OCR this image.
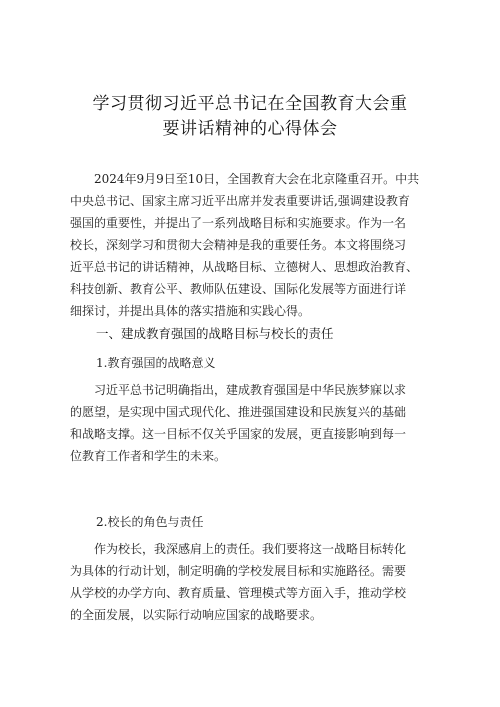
学习贯彻习近平总书记在全国教育大会重
要讲话精神的心得体会
2024年9月9日至10日，全国教育大会在北京隆重召开。中共
中央总书记、国家主席习近平出席并发表重要讲话,强调建设教育
强国的重要性，并提出了一系列战略目标和实施要求。作为一名
校长，深刻学习和贯彻大会精神是我的重要任务。本文将围绕习
近平总书记的讲话精神，从战略目标、立德树人、思想政治教育、
科技创新、教育公平、教师队伍建设、国际化发展等方面进行详
细探讨，并提出具体的落实措施和实践心得。
一、建成教育强国的战略目标与校长的责任
1.教育强国的战略意义
习近平总书记明确指出，建成教育强国是中华民族梦寐以求
的愿望，是实现中国式现代化、推进强国建设和民族复兴的基础
和战略支撑。这一目标不仅关乎国家的发展，更直接影响到每一
位教育工作者和学生的未来。
2.校长的角色与责任
作为校长，我深感肩上的责任。我们要将这一战略目标转化
为具体的行动计划，制定明确的学校发展目标和实施路径。需要
从学校的办学方向、教育质量、管理模式等方面入手，推动学校
的全面发展，以实际行动响应国家的战略要求。
